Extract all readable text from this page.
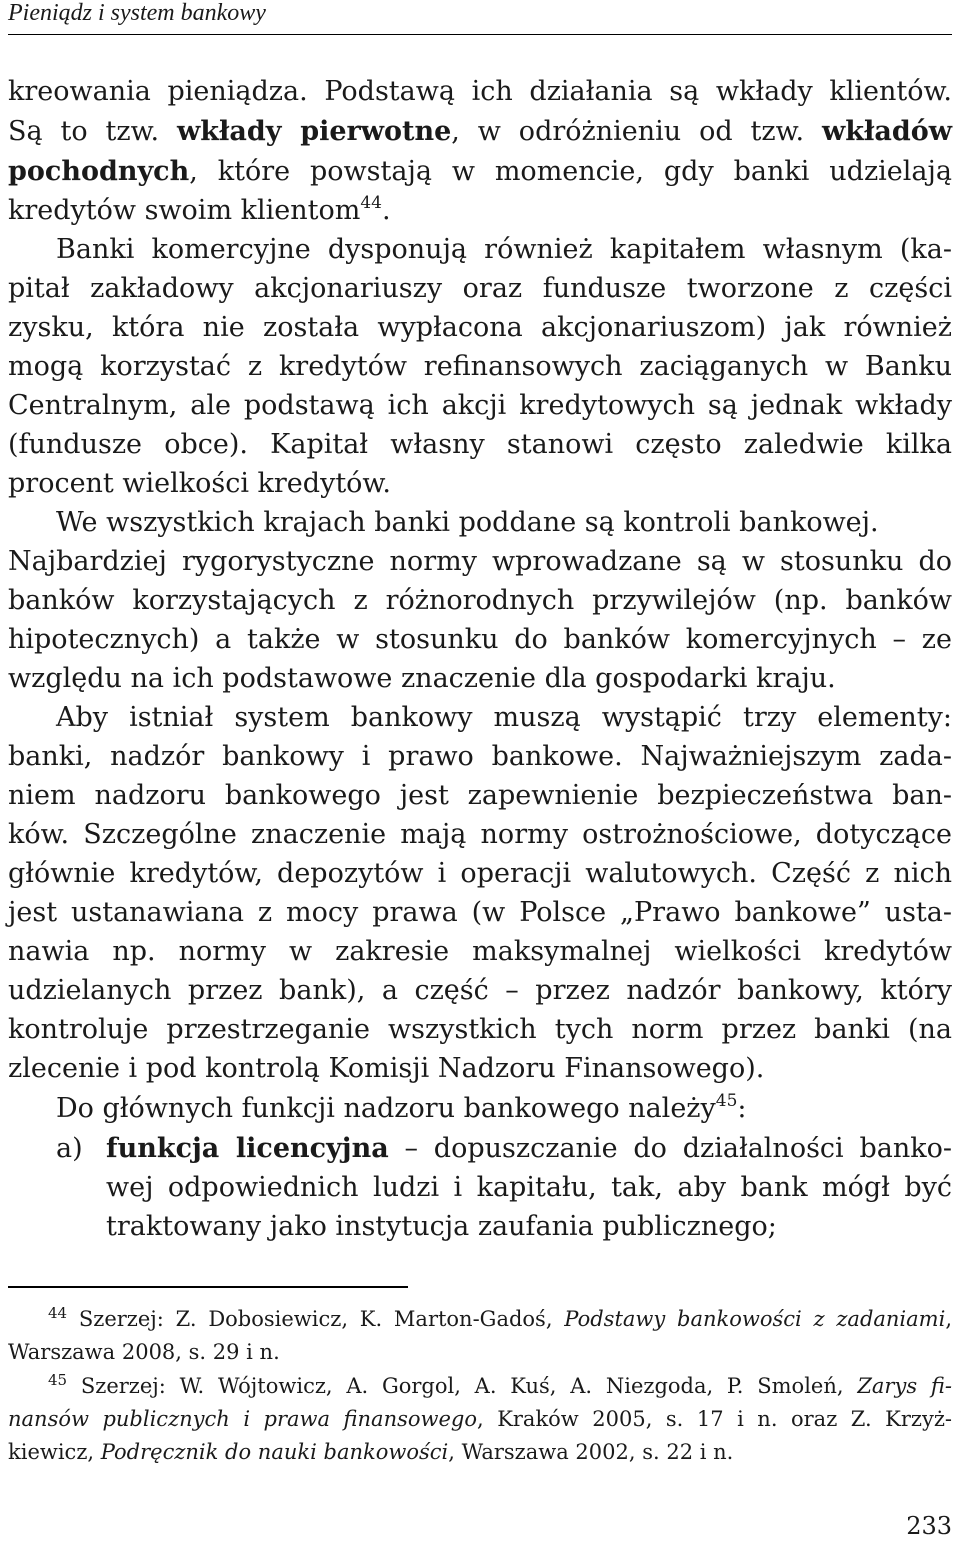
Pieniądz i system bankowy
kreowania pieniądza. Podstawą ich działania są wkłady klientów.
Są to tzw. wkłady pierwotne, w odróżnieniu od tzw. wkładów
pochodnych, które powstają w momencie, gdy banki udzielają
kredytów swoim klientom$^{44}$.
Banki komercyjne dysponują również kapitałem własnym (ka-
pitał zakładowy akcjonariuszy oraz fundusze tworzone z części
zysku, która nie została wypłacona akcjonariuszom) jak również
mogą korzystać z kredytów refinansowych zaciąganych w Banku
Centralnym, ale podstawą ich akcji kredytowych są jednak wkłady
(fundusze obce). Kapitał własny stanowi często zaledwie kilka
procent wielkości kredytów.
We wszystkich krajach banki poddane są kontroli bankowej.
Najbardziej rygorystyczne normy wprowadzane są w stosunku do
banków korzystających z różnorodnych przywilejów (np. banków
hipotecznych) a także w stosunku do banków komercyjnych – ze
względu na ich podstawowe znaczenie dla gospodarki kraju.
Aby istniał system bankowy muszą wystąpić trzy elementy:
banki, nadzór bankowy i prawo bankowe. Najważniejszym zada-
niem nadzoru bankowego jest zapewnienie bezpieczeństwa ban-
ków. Szczególne znaczenie mają normy ostrożnościowe, dotyczące
głównie kredytów, depozytów i operacji walutowych. Część z nich
jest ustanawiana z mocy prawa (w Polsce „Prawo bankowe” usta-
nawia np. normy w zakresie maksymalnej wielkości kredytów
udzielanych przez bank), a część – przez nadzór bankowy, który
kontroluje przestrzeganie wszystkich tych norm przez banki (na
zlecenie i pod kontrolą Komisji Nadzoru Finansowego).
Do głównych funkcji nadzoru bankowego należy$^{45}$:
a) funkcja licencyjna – dopuszczanie do działalności banko-
wej odpowiednich ludzi i kapitału, tak, aby bank mógł być
traktowany jako instytucja zaufania publicznego;
$^{44}$ Szerzej: Z. Dobosiewicz, K. Marton-Gadoś, Podstawy bankowości z zadaniami,
Warszawa 2008, s. 29 i n.
$^{45}$ Szerzej: W. Wójtowicz, A. Gorgol, A. Kuś, A. Niezgoda, P. Smoleń, Zarys fi-
nansów publicznych i prawa finansowego, Kraków 2005, s. 17 i n. oraz Z. Krzyż-
kiewicz, Podręcznik do nauki bankowości, Warszawa 2002, s. 22 i n.
233
